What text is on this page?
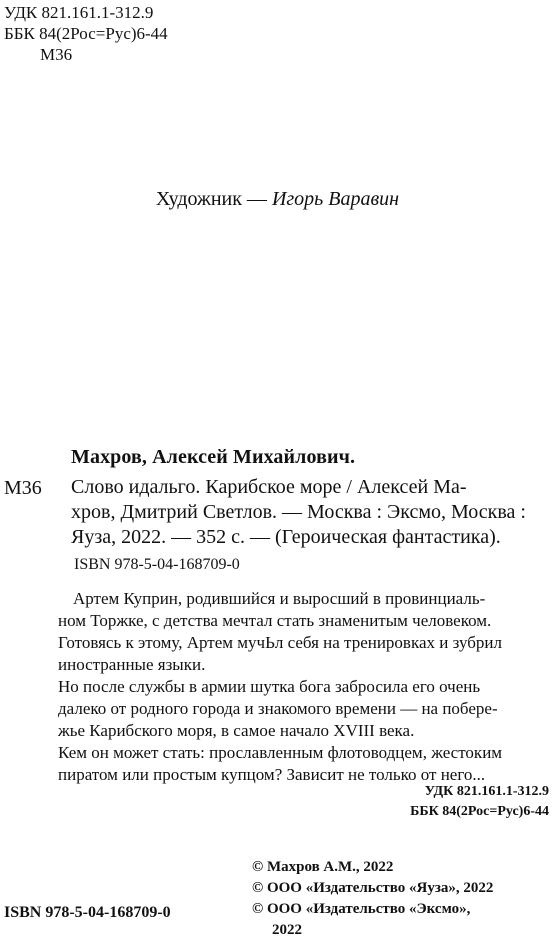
УДК 821.161.1-312.9
ББК 84(2Рос=Рус)6-44
М36
Художник — Игорь Варавин
Махров, Алексей Михайлович.
М36 Слово идальго. Карибское море / Алексей Ма-
хров, Дмитрий Светлов. — Москва : Эксмо, Москва :
Яуза, 2022. — 352 с. — (Героическая фантастика).
ISBN 978-5-04-168709-0

Артем Куприн, родившийся и выросший в провинциаль-

ном Торжке, с детства мечтал стать знаменитым человеком.

Готовясь к этому, Артем мучЬл себя на тренировках и зубрил

иностранные языки.

Но после службы в армии шутка бога забросила его очень

далеко от родного города и знакомого времени — на побере-

жье Карибского моря, в самое начало XVIII века.

Кем он может стать: прославленным флотоводцем, жестоким

пиратом или простым купцом? Зависит не только от него...

УДК 821.161.1-312.9
ББК 84(2Рос=Рус)6-44
© Махров А.М., 2022
© ООО «Издательство «Яуза», 2022
© ООО «Издательство «Эксмо»,
2022
ISBN 978-5-04-168709-0
